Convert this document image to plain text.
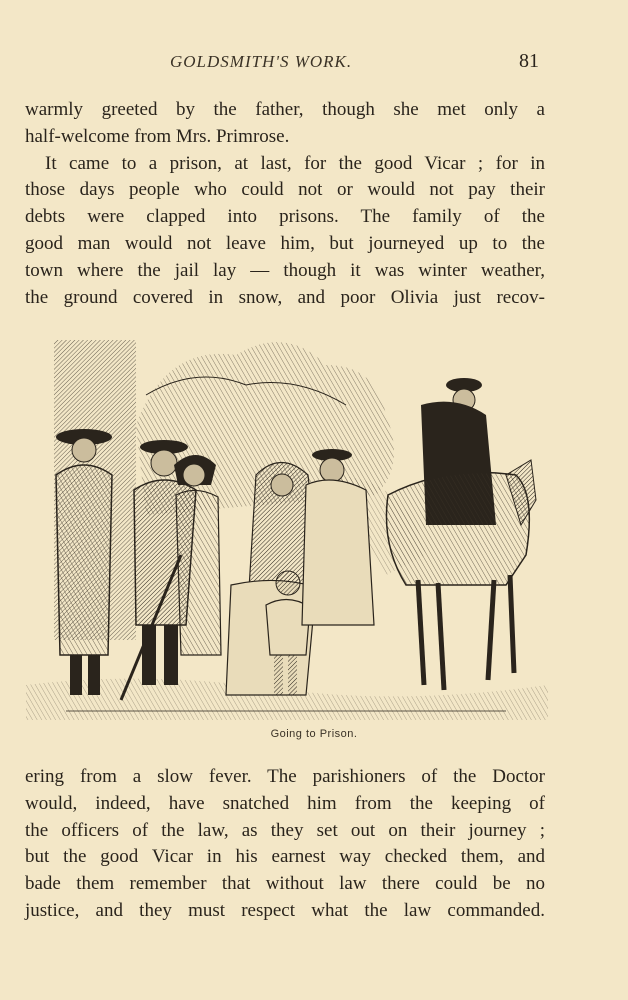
GOLDSMITH'S WORK.	81

warmly greeted by the father, though she met only a
half-welcome from Mrs. Primrose.

It came to a prison, at last, for the good Vicar ; for in
those days people who could not or would not pay their
debts were clapped into prisons. The family of the
good man would not leave him, but journeyed up to the
town where the jail lay — though it was winter weather,
the ground covered in snow, and poor Olivia just recov-

Going to Prison.

ering from a slow fever. The parishioners of the Doctor
would, indeed, have snatched him from the keeping of
the officers of the law, as they set out on their journey ;
but the good Vicar in his earnest way checked them, and
bade them remember that without law there could be no
justice, and they must respect what the law commanded.
